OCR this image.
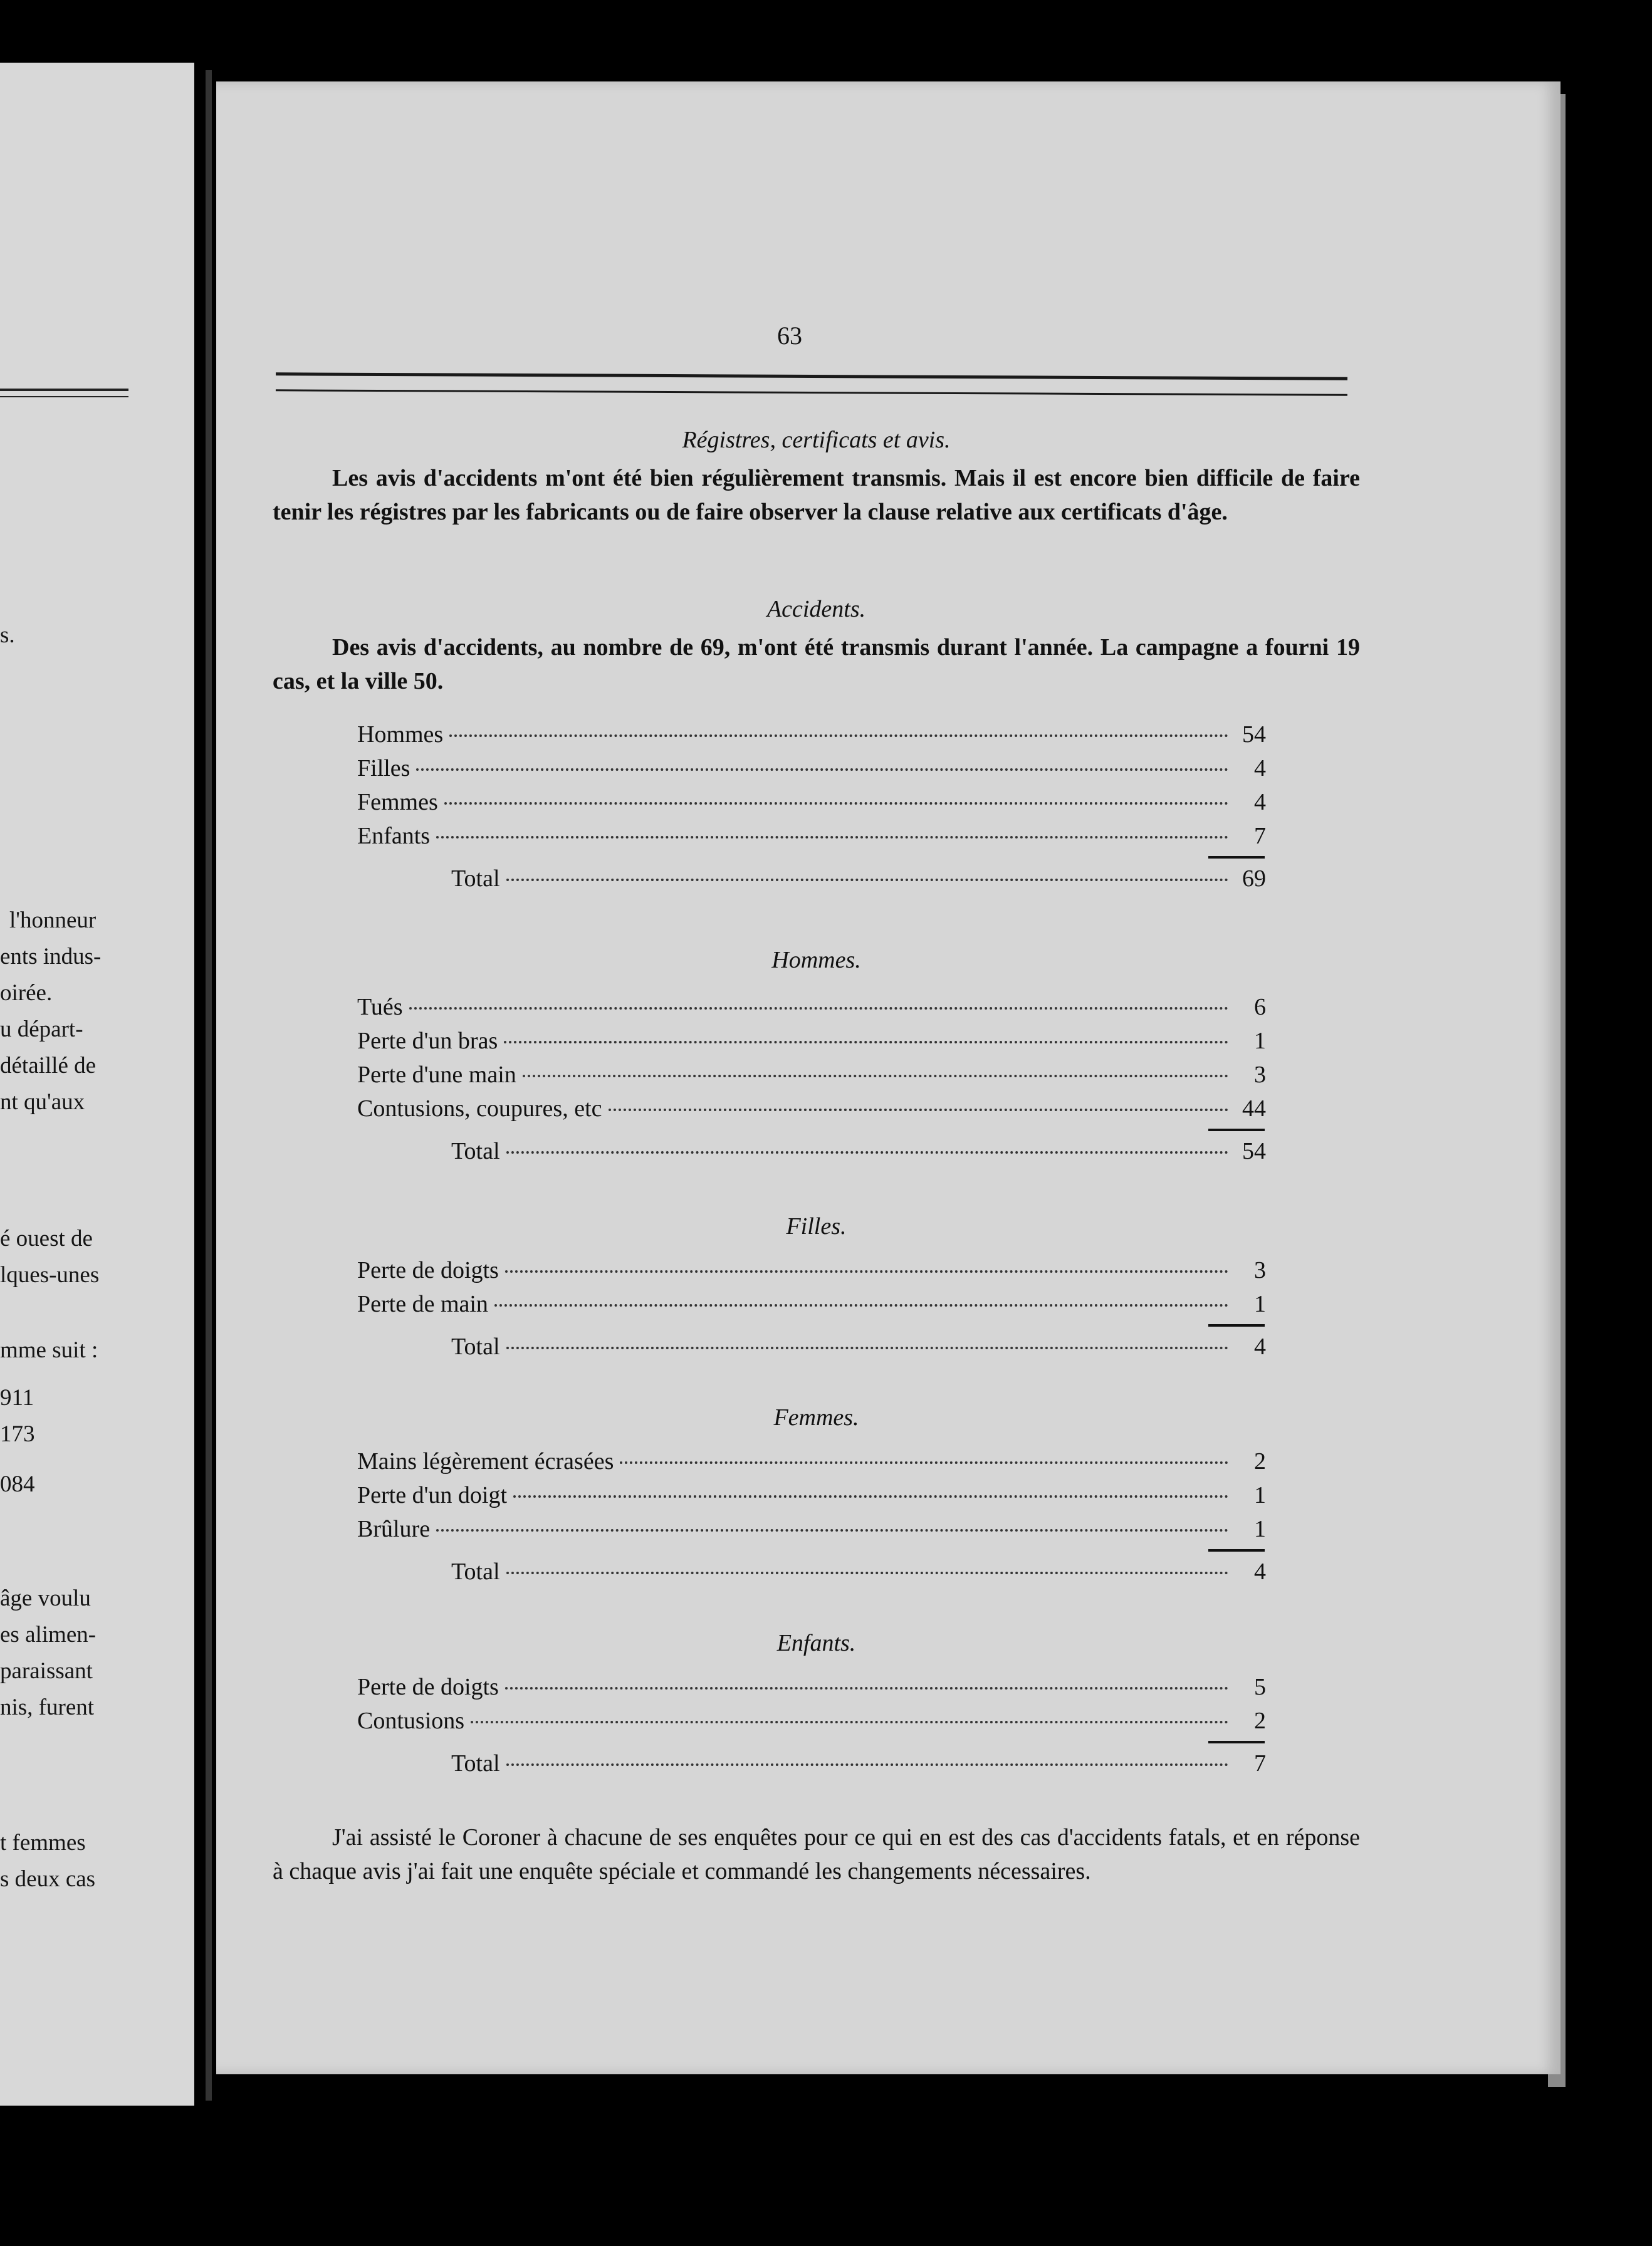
s.
l'honneur
ents indus-
oirée.
u départ-
détaillé de
nt qu'aux
é ouest de
lques-unes
mme suit :
911
173
084
âge voulu
es alimen-
paraissant
nis, furent
t femmes
s deux cas
63
Régistres, certificats et avis.
Les avis d'accidents m'ont été bien régulièrement transmis. Mais il est encore bien difficile de faire tenir les régistres par les fabricants ou de faire observer la clause relative aux certificats d'âge.
Accidents.
Des avis d'accidents, au nombre de 69, m'ont été transmis durant l'année. La campagne a fourni 19 cas, et la ville 50.
Hommes	54
Filles	4
Femmes	4
Enfants	7
Total	69
Hommes.
Tués	6
Perte d'un bras	1
Perte d'une main	3
Contusions, coupures, etc	44
Total	54
Filles.
Perte de doigts	3
Perte de main	1
Total	4
Femmes.
Mains légèrement écrasées	2
Perte d'un doigt	1
Brûlure	1
Total	4
Enfants.
Perte de doigts	5
Contusions	2
Total	7
J'ai assisté le Coroner à chacune de ses enquêtes pour ce qui en est des cas d'accidents fatals, et en réponse à chaque avis j'ai fait une enquête spéciale et commandé les changements nécessaires.
